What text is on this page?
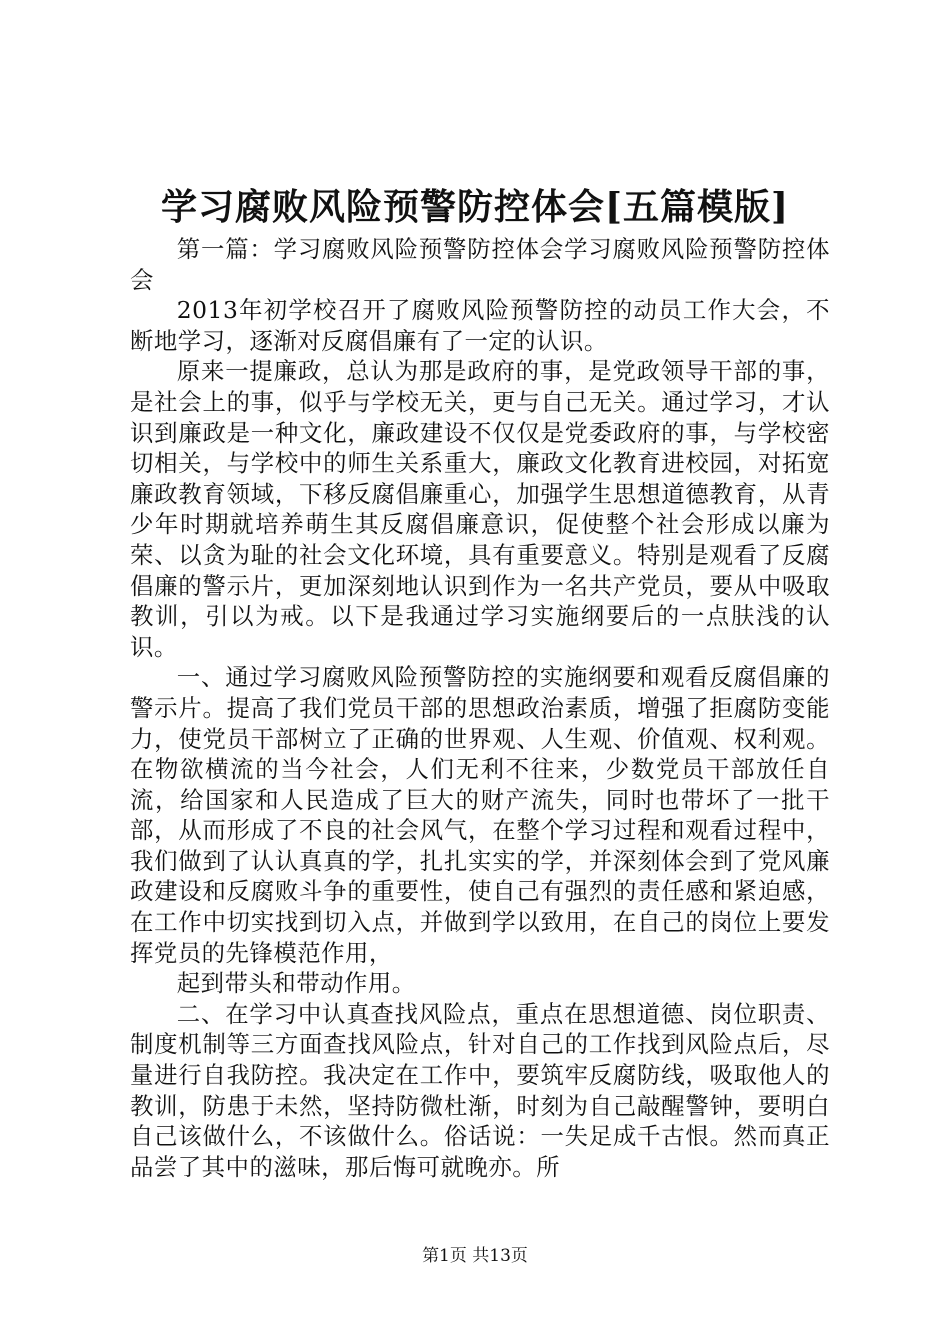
学习腐败风险预警防控体会[五篇模版]

第一篇：学习腐败风险预警防控体会学习腐败风险预警防控体会

2013年初学校召开了腐败风险预警防控的动员工作大会，不断地学习，逐渐对反腐倡廉有了一定的认识。

原来一提廉政，总认为那是政府的事，是党政领导干部的事，是社会上的事，似乎与学校无关，更与自己无关。通过学习，才认识到廉政是一种文化，廉政建设不仅仅是党委政府的事，与学校密切相关，与学校中的师生关系重大，廉政文化教育进校园，对拓宽廉政教育领域，下移反腐倡廉重心，加强学生思想道德教育，从青少年时期就培养萌生其反腐倡廉意识，促使整个社会形成以廉为荣、以贪为耻的社会文化环境，具有重要意义。特别是观看了反腐倡廉的警示片，更加深刻地认识到作为一名共产党员，要从中吸取教训，引以为戒。以下是我通过学习实施纲要后的一点肤浅的认识。

一、通过学习腐败风险预警防控的实施纲要和观看反腐倡廉的警示片。提高了我们党员干部的思想政治素质，增强了拒腐防变能力，使党员干部树立了正确的世界观、人生观、价值观、权利观。在物欲横流的当今社会，人们无利不往来，少数党员干部放任自流，给国家和人民造成了巨大的财产流失，同时也带坏了一批干部，从而形成了不良的社会风气，在整个学习过程和观看过程中，我们做到了认认真真的学，扎扎实实的学，并深刻体会到了党风廉政建设和反腐败斗争的重要性，使自己有强烈的责任感和紧迫感，在工作中切实找到切入点，并做到学以致用，在自己的岗位上要发挥党员的先锋模范作用，

起到带头和带动作用。

二、在学习中认真查找风险点，重点在思想道德、岗位职责、制度机制等三方面查找风险点，针对自己的工作找到风险点后，尽量进行自我防控。我决定在工作中，要筑牢反腐防线，吸取他人的教训，防患于未然，坚持防微杜渐，时刻为自己敲醒警钟，要明白自己该做什么，不该做什么。俗话说：一失足成千古恨。然而真正品尝了其中的滋味，那后悔可就晚亦。所

第1页 共13页
